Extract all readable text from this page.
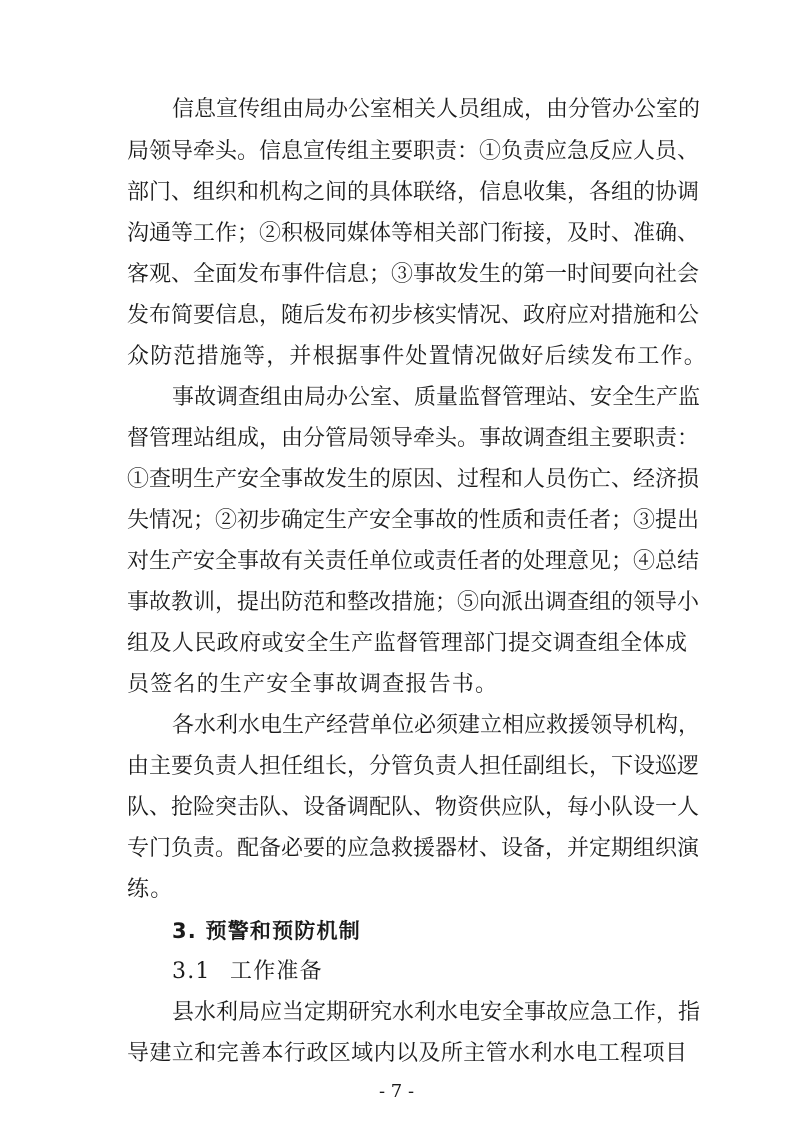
信息宣传组由局办公室相关人员组成，由分管办公室的
局领导牵头。信息宣传组主要职责：①负责应急反应人员、
部门、组织和机构之间的具体联络，信息收集，各组的协调
沟通等工作；②积极同媒体等相关部门衔接，及时、准确、
客观、全面发布事件信息；③事故发生的第一时间要向社会
发布简要信息，随后发布初步核实情况、政府应对措施和公
众防范措施等，并根据事件处置情况做好后续发布工作。
事故调查组由局办公室、质量监督管理站、安全生产监
督管理站组成，由分管局领导牵头。事故调查组主要职责：
①查明生产安全事故发生的原因、过程和人员伤亡、经济损
失情况；②初步确定生产安全事故的性质和责任者；③提出
对生产安全事故有关责任单位或责任者的处理意见；④总结
事故教训，提出防范和整改措施；⑤向派出调查组的领导小
组及人民政府或安全生产监督管理部门提交调查组全体成
员签名的生产安全事故调查报告书。
各水利水电生产经营单位必须建立相应救援领导机构，
由主要负责人担任组长，分管负责人担任副组长，下设巡逻
队、抢险突击队、设备调配队、物资供应队，每小队设一人
专门负责。配备必要的应急救援器材、设备，并定期组织演
练。
3. 预警和预防机制
3.1 工作准备
县水利局应当定期研究水利水电安全事故应急工作，指
导建立和完善本行政区域内以及所主管水利水电工程项目
- 7 -
